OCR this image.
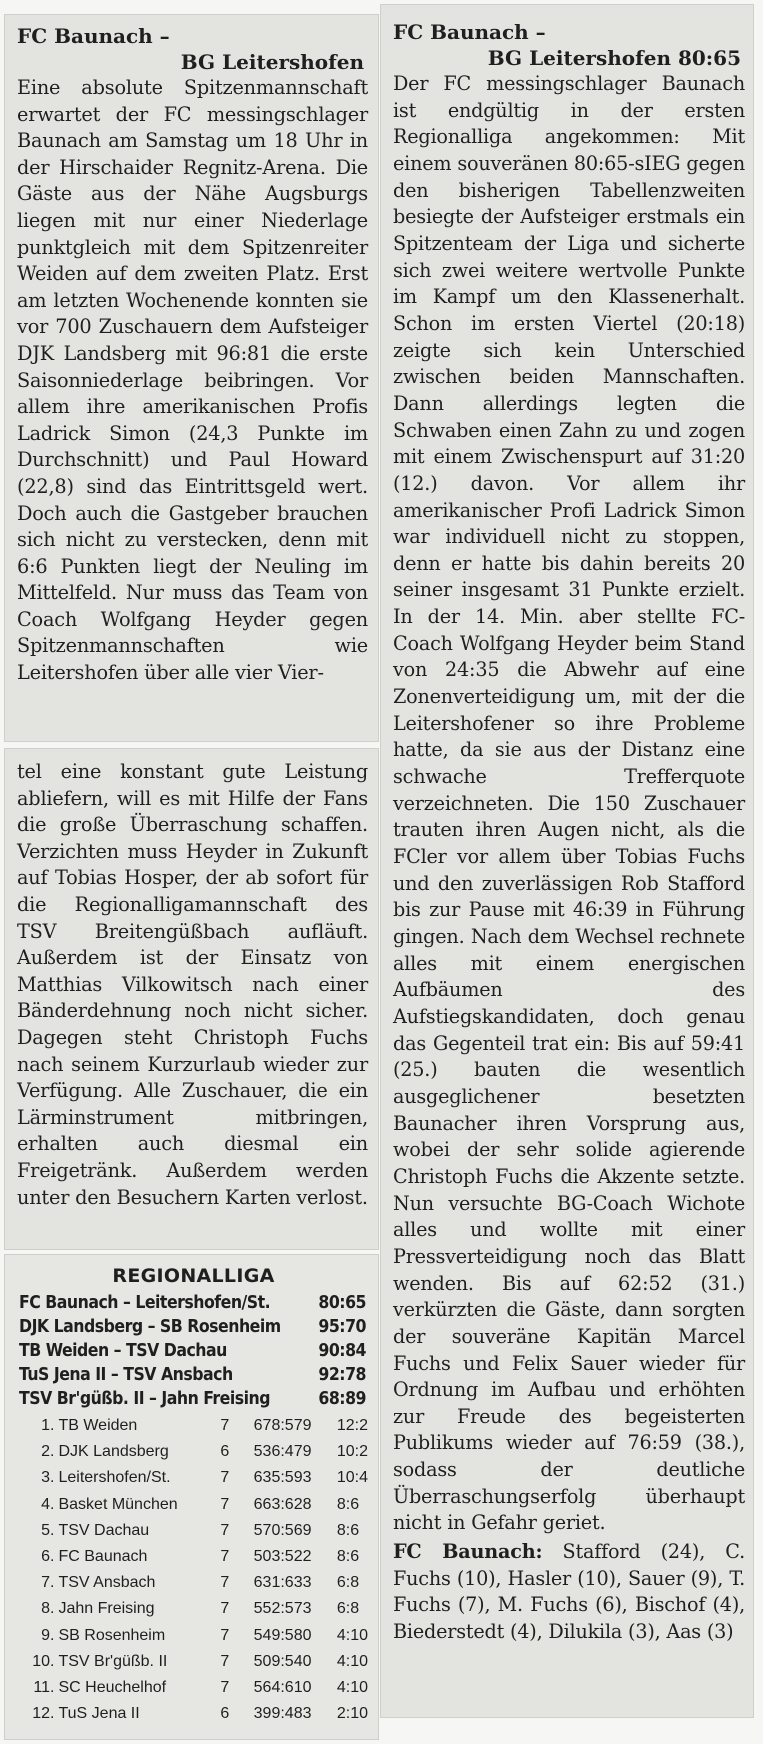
FC Baunach –
BG Leitershofen

Eine absolute Spitzenmannschaft erwartet der FC messingschlager Baunach am Samstag um 18 Uhr in der Hirschaider Regnitz-Arena. Die Gäste aus der Nähe Augsburgs liegen mit nur einer Niederlage punktgleich mit dem Spitzenreiter Weiden auf dem zweiten Platz. Erst am letzten Wochenende konnten sie vor 700 Zuschauern dem Aufsteiger DJK Landsberg mit 96:81 die erste Saisonniederlage beibringen. Vor allem ihre amerikanischen Profis Ladrick Simon (24,3 Punkte im Durchschnitt) und Paul Howard (22,8) sind das Eintrittsgeld wert. Doch auch die Gastgeber brauchen sich nicht zu verstecken, denn mit 6:6 Punkten liegt der Neuling im Mittelfeld. Nur muss das Team von Coach Wolfgang Heyder gegen Spitzenmannschaften wie Leitershofen über alle vier Vier-

tel eine konstant gute Leistung abliefern, will es mit Hilfe der Fans die große Überraschung schaffen. Verzichten muss Heyder in Zukunft auf Tobias Hosper, der ab sofort für die Regionalligamannschaft des TSV Breitengüßbach aufläuft. Außerdem ist der Einsatz von Matthias Vilkowitsch nach einer Bänderdehnung noch nicht sicher. Dagegen steht Christoph Fuchs nach seinem Kurzurlaub wieder zur Verfügung. Alle Zuschauer, die ein Lärminstrument mitbringen, erhalten auch diesmal ein Freigetränk. Außerdem werden unter den Besuchern Karten verlost.

FC Baunach –
BG Leitershofen 80:65

Der FC messingschlager Baunach ist endgültig in der ersten Regionalliga angekommen: Mit einem souveränen 80:65-sIEG gegen den bisherigen Tabellenzweiten besiegte der Aufsteiger erstmals ein Spitzenteam der Liga und sicherte sich zwei weitere wertvolle Punkte im Kampf um den Klassenerhalt. Schon im ersten Viertel (20:18) zeigte sich kein Unterschied zwischen beiden Mannschaften. Dann allerdings legten die Schwaben einen Zahn zu und zogen mit einem Zwischenspurt auf 31:20 (12.) davon. Vor allem ihr amerikanischer Profi Ladrick Simon war individuell nicht zu stoppen, denn er hatte bis dahin bereits 20 seiner insgesamt 31 Punkte erzielt. In der 14. Min. aber stellte FC-Coach Wolfgang Heyder beim Stand von 24:35 die Abwehr auf eine Zonenverteidigung um, mit der die Leitershofener so ihre Probleme hatte, da sie aus der Distanz eine schwache Trefferquote verzeichneten. Die 150 Zuschauer trauten ihren Augen nicht, als die FCler vor allem über Tobias Fuchs und den zuverlässigen Rob Stafford bis zur Pause mit 46:39 in Führung gingen. Nach dem Wechsel rechnete alles mit einem energischen Aufbäumen des Aufstiegskandidaten, doch genau das Gegenteil trat ein: Bis auf 59:41 (25.) bauten die wesentlich ausgeglichener besetzten Baunacher ihren Vorsprung aus, wobei der sehr solide agierende Christoph Fuchs die Akzente setzte. Nun versuchte BG-Coach Wichote alles und wollte mit einer Pressverteidigung noch das Blatt wenden. Bis auf 62:52 (31.) verkürzten die Gäste, dann sorgten der souveräne Kapitän Marcel Fuchs und Felix Sauer wieder für Ordnung im Aufbau und erhöhten zur Freude des begeisterten Publikums wieder auf 76:59 (38.), sodass der deutliche Überraschungserfolg überhaupt nicht in Gefahr geriet.

FC Baunach: Stafford (24), C. Fuchs (10), Hasler (10), Sauer (9), T. Fuchs (7), M. Fuchs (6), Bischof (4), Biederstedt (4), Dilukila (3), Aas (3)

REGIONALLIGA
FC Baunach – Leitershofen/St.	80:65
DJK Landsberg – SB Rosenheim	95:70
TB Weiden – TSV Dachau	90:84
TuS Jena II – TSV Ansbach	92:78
TSV Br'güßb. II – Jahn Freising	68:89
1.	TB Weiden	7	678:579	12:2
2.	DJK Landsberg	6	536:479	10:2
3.	Leitershofen/St.	7	635:593	10:4
4.	Basket München	7	663:628	8:6
5.	TSV Dachau	7	570:569	8:6
6.	FC Baunach	7	503:522	8:6
7.	TSV Ansbach	7	631:633	6:8
8.	Jahn Freising	7	552:573	6:8
9.	SB Rosenheim	7	549:580	4:10
10.	TSV Br'güßb. II	7	509:540	4:10
11.	SC Heuchelhof	7	564:610	4:10
12.	TuS Jena II	6	399:483	2:10
